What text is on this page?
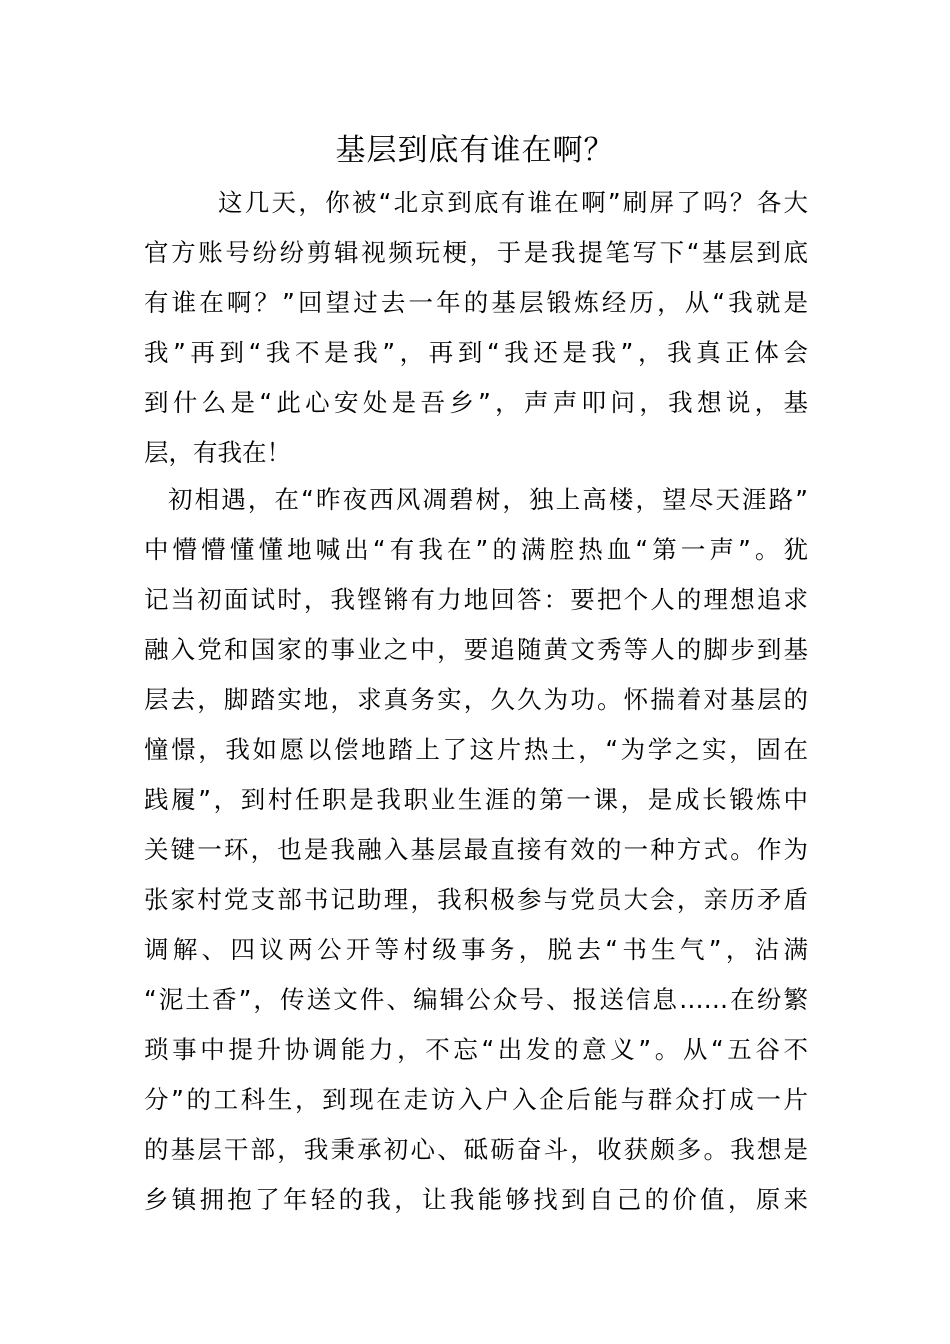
基层到底有谁在啊？
这几天，你被“北京到底有谁在啊”刷屏了吗？各大
官方账号纷纷剪辑视频玩梗，于是我提笔写下“基层到底
有谁在啊？”回望过去一年的基层锻炼经历，从“我就是
我”再到“我不是我”，再到“我还是我”，我真正体会
到什么是“此心安处是吾乡”，声声叩问，我想说，基
层，有我在！
初相遇，在“昨夜西风凋碧树，独上高楼，望尽天涯路”
中懵懵懂懂地喊出“有我在”的满腔热血“第一声”。犹
记当初面试时，我铿锵有力地回答：要把个人的理想追求
融入党和国家的事业之中，要追随黄文秀等人的脚步到基
层去，脚踏实地，求真务实，久久为功。怀揣着对基层的
憧憬，我如愿以偿地踏上了这片热土，“为学之实，固在
践履”，到村任职是我职业生涯的第一课，是成长锻炼中
关键一环，也是我融入基层最直接有效的一种方式。作为
张家村党支部书记助理，我积极参与党员大会，亲历矛盾
调解、四议两公开等村级事务，脱去“书生气”，沾满
“泥土香”，传送文件、编辑公众号、报送信息……在纷繁
琐事中提升协调能力，不忘“出发的意义”。从“五谷不
分”的工科生，到现在走访入户入企后能与群众打成一片
的基层干部，我秉承初心、砥砺奋斗，收获颇多。我想是
乡镇拥抱了年轻的我，让我能够找到自己的价值，原来
